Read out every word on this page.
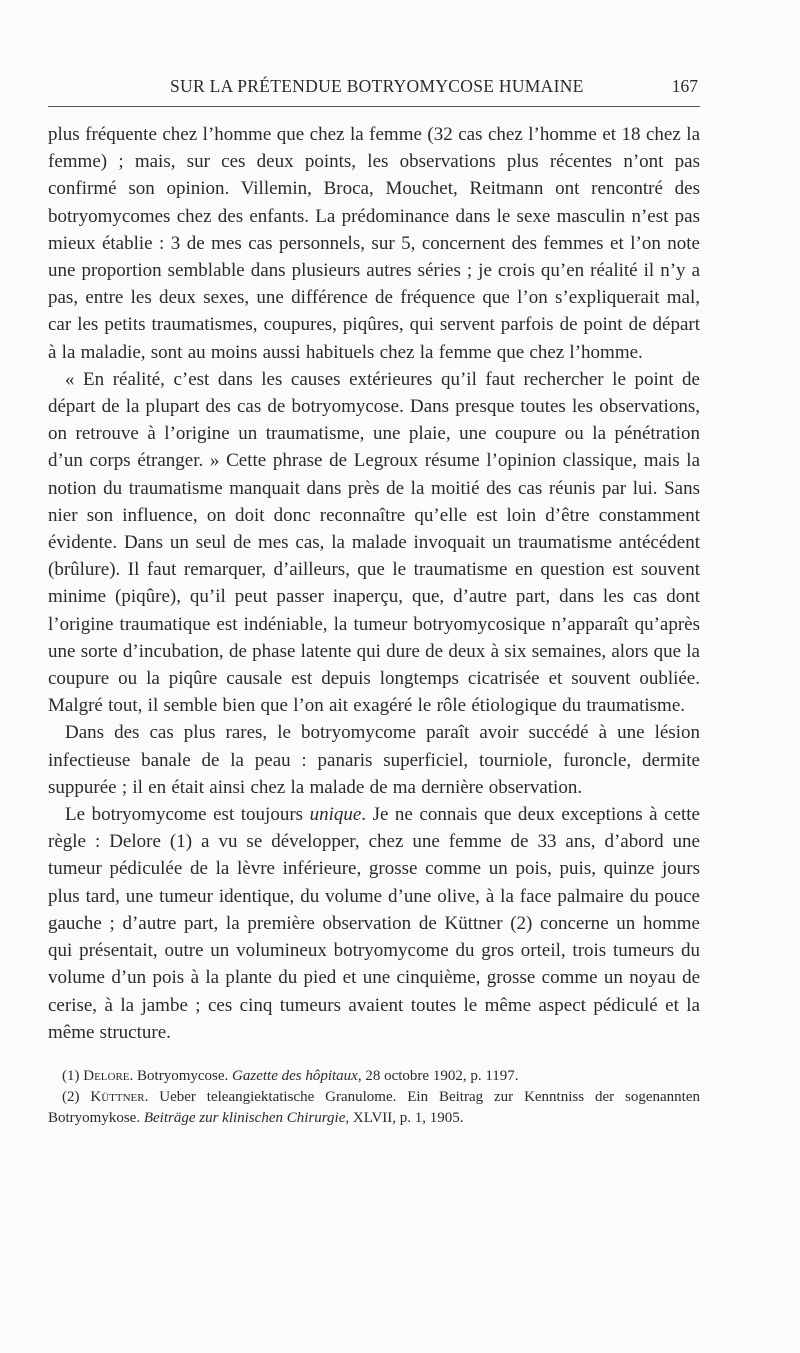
SUR LA PRÉTENDUE BOTRYOMYCOSE HUMAINE	167

plus fréquente chez l’homme que chez la femme (32 cas chez l’homme et 18 chez la femme) ; mais, sur ces deux points, les observations plus récentes n’ont pas confirmé son opinion. Villemin, Broca, Mouchet, Reitmann ont rencontré des botryomycomes chez des enfants. La prédominance dans le sexe masculin n’est pas mieux établie : 3 de mes cas personnels, sur 5, concernent des femmes et l’on note une proportion semblable dans plusieurs autres séries ; je crois qu’en réalité il n’y a pas, entre les deux sexes, une différence de fréquence que l’on s’expliquerait mal, car les petits traumatismes, coupures, piqûres, qui servent parfois de point de départ à la maladie, sont au moins aussi habituels chez la femme que chez l’homme.

« En réalité, c’est dans les causes extérieures qu’il faut rechercher le point de départ de la plupart des cas de botryomycose. Dans presque toutes les observations, on retrouve à l’origine un traumatisme, une plaie, une coupure ou la pénétration d’un corps étranger. » Cette phrase de Legroux résume l’opinion classique, mais la notion du traumatisme manquait dans près de la moitié des cas réunis par lui. Sans nier son influence, on doit donc reconnaître qu’elle est loin d’être constamment évidente. Dans un seul de mes cas, la malade invoquait un traumatisme antécédent (brûlure). Il faut remarquer, d’ailleurs, que le traumatisme en question est souvent minime (piqûre), qu’il peut passer inaperçu, que, d’autre part, dans les cas dont l’origine traumatique est indéniable, la tumeur botryomycosique n’apparaît qu’après une sorte d’incubation, de phase latente qui dure de deux à six semaines, alors que la coupure ou la piqûre causale est depuis longtemps cicatrisée et souvent oubliée. Malgré tout, il semble bien que l’on ait exagéré le rôle étiologique du traumatisme.

Dans des cas plus rares, le botryomycome paraît avoir succédé à une lésion infectieuse banale de la peau : panaris superficiel, tourniole, furoncle, dermite suppurée ; il en était ainsi chez la malade de ma dernière observation.

Le botryomycome est toujours unique. Je ne connais que deux exceptions à cette règle : Delore (1) a vu se développer, chez une femme de 33 ans, d’abord une tumeur pédiculée de la lèvre inférieure, grosse comme un pois, puis, quinze jours plus tard, une tumeur identique, du volume d’une olive, à la face palmaire du pouce gauche ; d’autre part, la première observation de Küttner (2) concerne un homme qui présentait, outre un volumineux botryomycome du gros orteil, trois tumeurs du volume d’un pois à la plante du pied et une cinquième, grosse comme un noyau de cerise, à la jambe ; ces cinq tumeurs avaient toutes le même aspect pédiculé et la même structure.

(1) Delore. Botryomycose. Gazette des hôpitaux, 28 octobre 1902, p. 1197.

(2) Küttner. Ueber teleangiektatische Granulome. Ein Beitrag zur Kenntniss der sogenannten Botryomykose. Beiträge zur klinischen Chirurgie, XLVII, p. 1, 1905.
